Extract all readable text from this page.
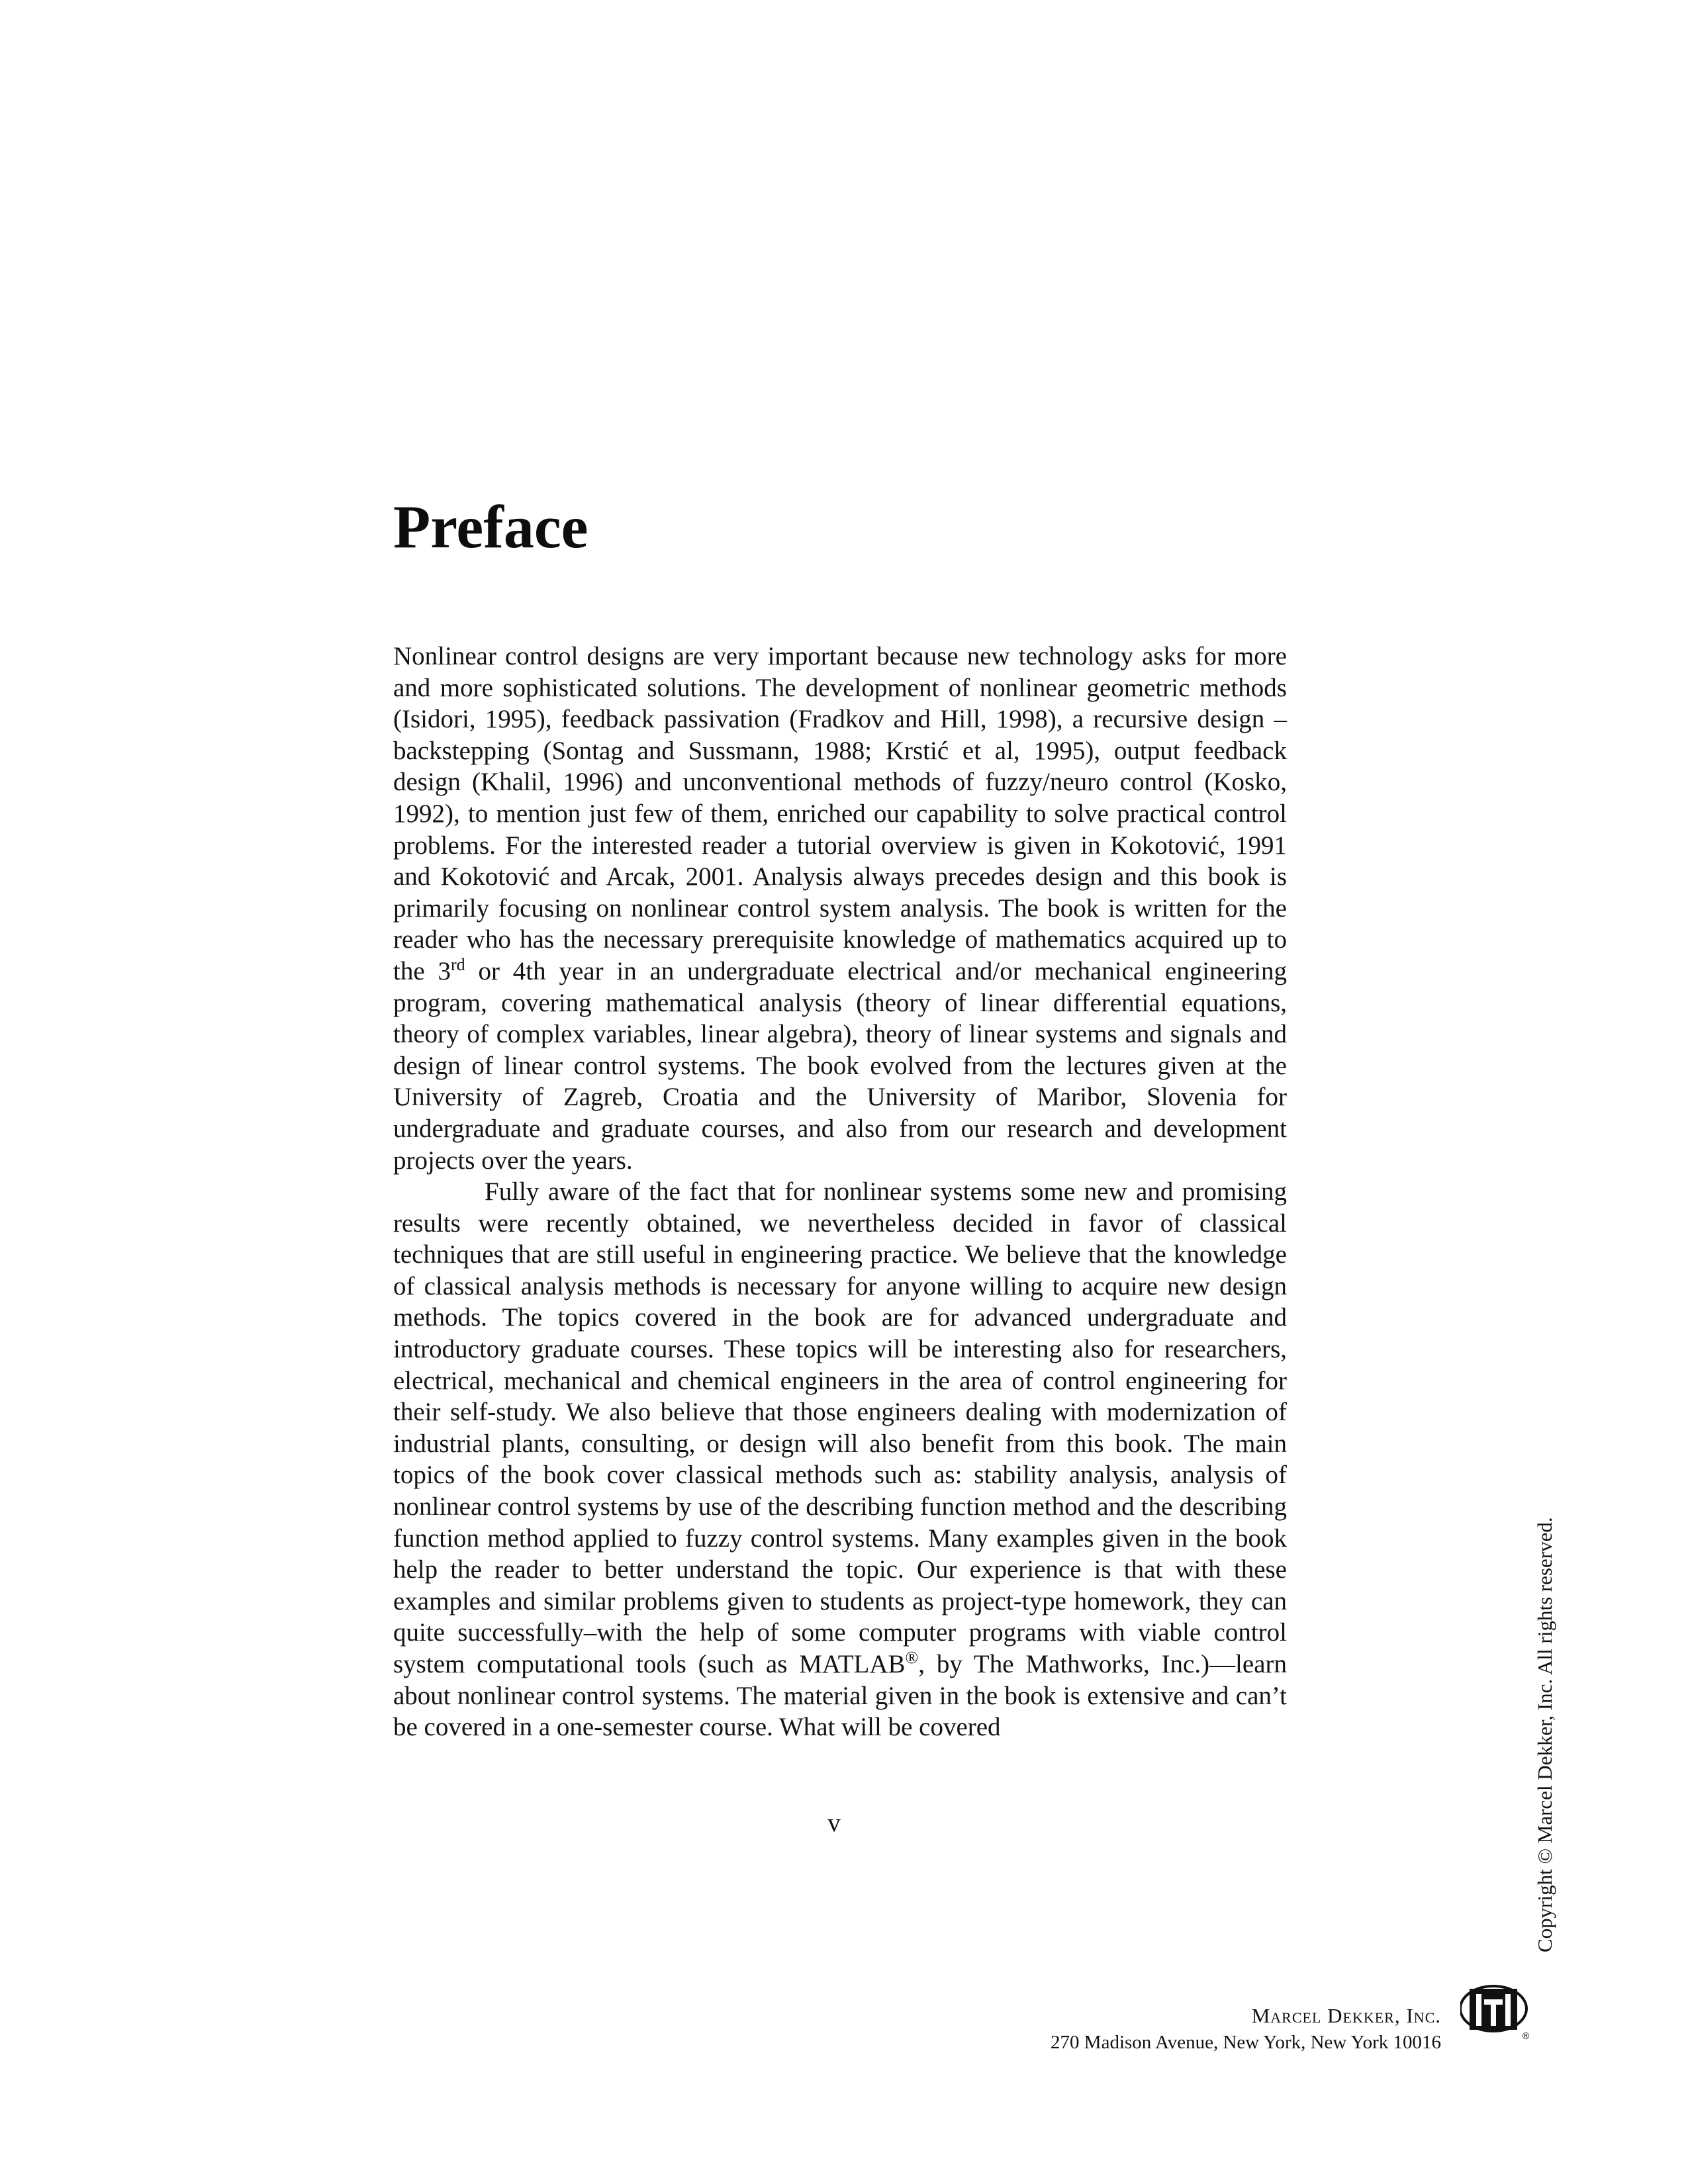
Preface

Nonlinear control designs are very important because new technology asks for more and more sophisticated solutions. The development of nonlinear geometric methods (Isidori, 1995), feedback passivation (Fradkov and Hill, 1998), a recursive design – backstepping (Sontag and Sussmann, 1988; Krstić et al, 1995), output feedback design (Khalil, 1996) and unconventional methods of fuzzy/neuro control (Kosko, 1992), to mention just few of them, enriched our capability to solve practical control problems. For the interested reader a tutorial overview is given in Kokotović, 1991 and Kokotović and Arcak, 2001. Analysis always precedes design and this book is primarily focusing on nonlinear control system analysis. The book is written for the reader who has the necessary prerequisite knowledge of mathematics acquired up to the 3rd or 4th year in an undergraduate electrical and/or mechanical engineering program, covering mathematical analysis (theory of linear differential equations, theory of complex variables, linear algebra), theory of linear systems and signals and design of linear control systems. The book evolved from the lectures given at the University of Zagreb, Croatia and the University of Maribor, Slovenia for undergraduate and graduate courses, and also from our research and development projects over the years.

Fully aware of the fact that for nonlinear systems some new and promising results were recently obtained, we nevertheless decided in favor of classical techniques that are still useful in engineering practice. We believe that the knowledge of classical analysis methods is necessary for anyone willing to acquire new design methods. The topics covered in the book are for advanced undergraduate and introductory graduate courses. These topics will be interesting also for researchers, electrical, mechanical and chemical engineers in the area of control engineering for their self-study. We also believe that those engineers dealing with modernization of industrial plants, consulting, or design will also benefit from this book. The main topics of the book cover classical methods such as: stability analysis, analysis of nonlinear control systems by use of the describing function method and the describing function method applied to fuzzy control systems. Many examples given in the book help the reader to better understand the topic. Our experience is that with these examples and similar problems given to students as project-type homework, they can quite successfully–with the help of some computer programs with viable control system computational tools (such as MATLAB®, by The Mathworks, Inc.)—learn about nonlinear control systems. The material given in the book is extensive and can’t be covered in a one-semester course. What will be covered

v	Copyright © Marcel Dekker, Inc. All rights reserved.
Marcel Dekker, Inc.
270 Madison Avenue, New York, New York 10016	®
